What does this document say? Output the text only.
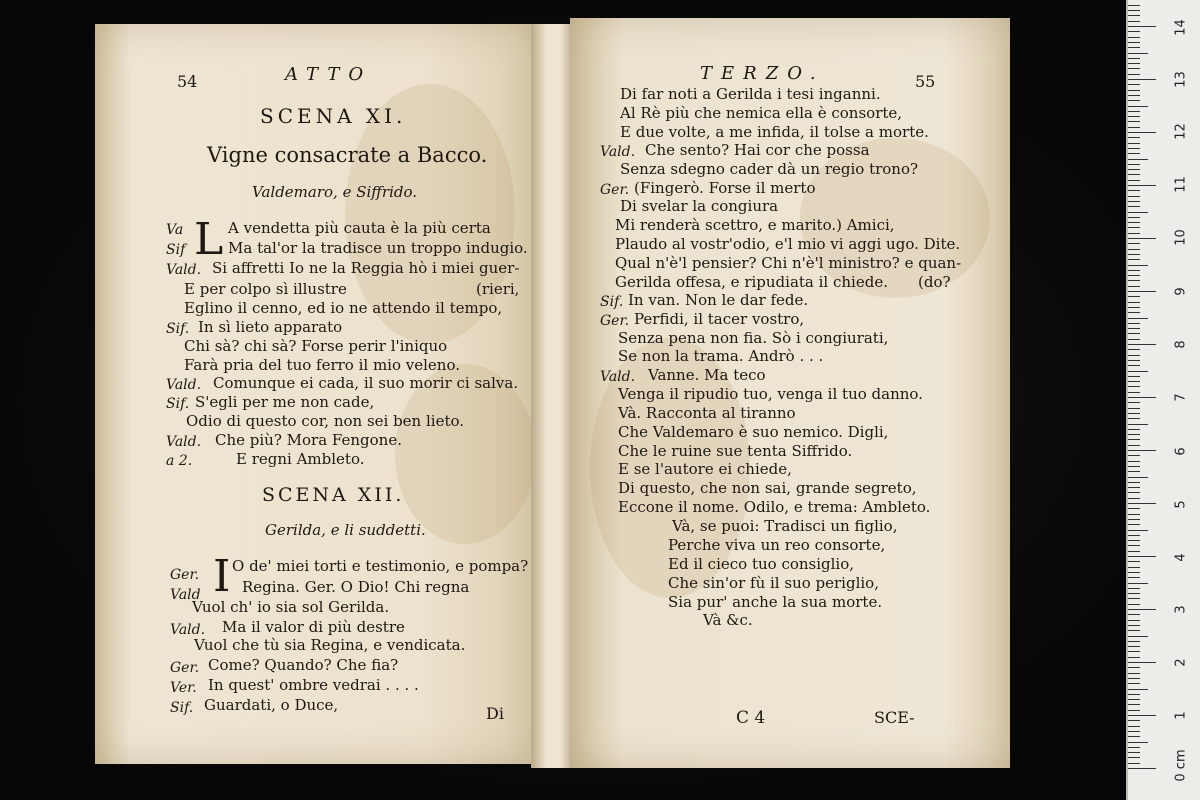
54	ATTO
SCENA XI.
Vigne consacrate a Bacco.
Valdemaro, e Siffrido.
L
Va	A vendetta più cauta è la più certa
Sif	Ma tal'or la tradisce un troppo indugio.
Vald. Si affretti Io ne la Reggia hò i miei guer-
E per colpo sì illustre	(rieri,
Eglino il cenno, ed io ne attendo il tempo,
Sif. In sì lieto apparato
Chi sà? chi sà? Forse perir l'iniquo
Farà pria del tuo ferro il mio veleno.
Vald. Comunque ei cada, il suo morir ci salva.
Sif. S'egli per me non cade,
Odio di questo cor, non sei ben lieto.
Vald. Che più? Mora Fengone.
a 2.	E regni Ambleto.
SCENA XII.
Gerilda, e li suddetti.
I
Ger. O de' miei torti e testimonio, e pompa?
Vald	Regina. Ger. O Dio! Chi regna
Vuol ch' io sia sol Gerilda.
Vald. Ma il valor di più destre
Vuol che tù sia Regina, e vendicata.
Ger. Come? Quando? Che fia?
Ver. In quest' ombre vedrai . . . .
Sif. Guardati, o Duce,	Di
TERZO.	55
Di far noti a Gerilda i tesi inganni.
Al Rè più che nemica ella è consorte,
E due volte, a me infida, il tolse a morte.
Vald. Che sento? Hai cor che possa
Senza sdegno cader dà un regio trono?
Ger. (Fingerò. Forse il merto
Di svelar la congiura
Mi renderà scettro, e marito.) Amici,
Plaudo al vostr'odio, e'l mio vi aggi ugo. Dite.
Qual n'è'l pensier? Chi n'è'l ministro? e quan-
Gerilda offesa, e ripudiata il chiede. (do?
Sif. In van. Non le dar fede.
Ger. Perfidi, il tacer vostro,
Senza pena non fia. Sò i congiurati,
Se non la trama. Andrò . . .
Vald. Vanne. Ma teco
Venga il ripudio tuo, venga il tuo danno.
Và. Racconta al tiranno
Che Valdemaro è suo nemico. Digli,
Che le ruine sue tenta Siffrido.
E se l'autore ei chiede,
Di questo, che non sai, grande segreto,
Eccone il nome. Odilo, e trema: Ambleto.
Và, se puoi: Tradisci un figlio,
Perche viva un reo consorte,
Ed il cieco tuo consiglio,
Che sin'or fù il suo periglio,
Sia pur' anche la sua morte.
Và &c.
C 4	SCE-
14
13
12
11
10
9
8
7
6
5
4
3
2
1
0 cm
